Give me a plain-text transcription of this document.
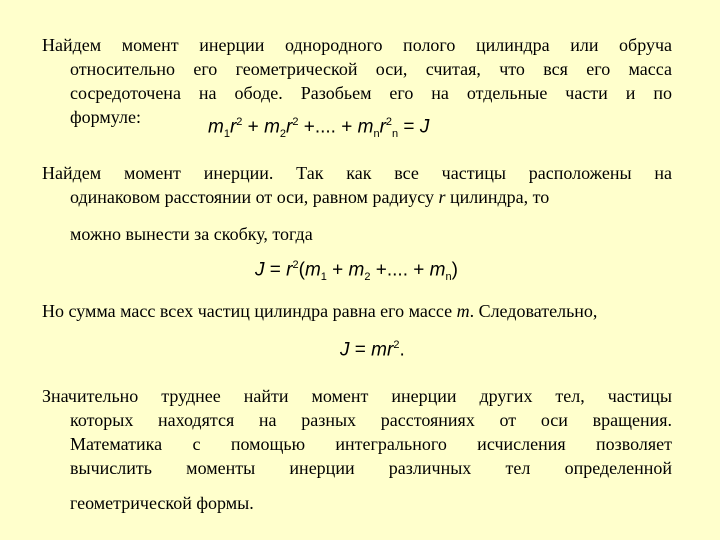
Найдем момент инерции однородного полого цилиндра или обруча
относительно его геометрической оси, считая, что вся его масса
сосредоточена на ободе. Разобьем его на отдельные части и по
формуле:	$m_1r^2 + m_2r^2$ +.... + $m_nr^2_n = J$
Найдем момент инерции. Так как все частицы расположены на
одинаковом расстоянии от оси, равном радиусу r цилиндра, то
можно вынести за скобку, тогда
$J = r^2(m_1 + m_2$ +.... + $m_n$)
Но сумма масс всех частиц цилиндра равна его массе m. Следовательно,
$J = mr^2$.
Значительно труднее найти момент инерции других тел, частицы
которых находятся на разных расстояниях от оси вращения.
Математика с помощью интегрального исчисления позволяет
вычислить моменты инерции различных тел определенной
геометрической формы.
